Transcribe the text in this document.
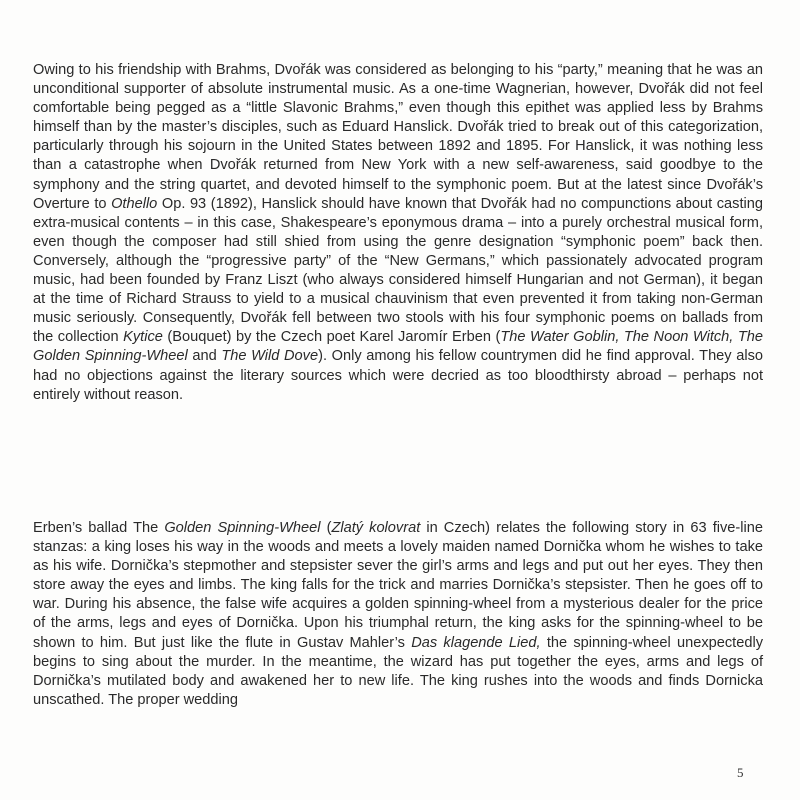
Owing to his friendship with Brahms, Dvořák was considered as belonging to his “party,” meaning that he was an unconditional supporter of absolute instrumental music. As a one-time Wagnerian, however, Dvořák did not feel comfortable being pegged as a “little Slavonic Brahms,” even though this epithet was applied less by Brahms himself than by the master’s disciples, such as Eduard Hanslick. Dvořák tried to break out of this categorization, particularly through his sojourn in the United States between 1892 and 1895. For Hanslick, it was nothing less than a catastrophe when Dvořák returned from New York with a new self-awareness, said goodbye to the symphony and the string quartet, and devoted himself to the symphonic poem. But at the latest since Dvořák’s Overture to Othello Op. 93 (1892), Hanslick should have known that Dvořák had no compunctions about casting extra-musical contents – in this case, Shakespeare’s eponymous drama – into a purely orchestral musical form, even though the composer had still shied from using the genre designation “symphonic poem” back then. Conversely, although the “progressive party” of the “New Germans,” which passionately advocated program music, had been founded by Franz Liszt (who always considered himself Hungarian and not German), it began at the time of Richard Strauss to yield to a musical chauvinism that even prevented it from taking non-German music seriously. Consequently, Dvořák fell between two stools with his four symphonic poems on ballads from the collection Kytice (Bouquet) by the Czech poet Karel Jaromír Erben (The Water Goblin, The Noon Witch, The Golden Spinning-Wheel and The Wild Dove). Only among his fellow countrymen did he find approval. They also had no objections against the literary sources which were decried as too bloodthirsty abroad – perhaps not entirely without reason.

Erben’s ballad The Golden Spinning-Wheel (Zlatý kolovrat in Czech) relates the following story in 63 five-line stanzas: a king loses his way in the woods and meets a lovely maiden named Dornička whom he wishes to take as his wife. Dornička’s stepmother and stepsister sever the girl’s arms and legs and put out her eyes. They then store away the eyes and limbs. The king falls for the trick and marries Dornička’s stepsister. Then he goes off to war. During his absence, the false wife acquires a golden spinning-wheel from a mysterious dealer for the price of the arms, legs and eyes of Dornička. Upon his triumphal return, the king asks for the spinning-wheel to be shown to him. But just like the flute in Gustav Mahler’s Das klagende Lied, the spinning-wheel unexpectedly begins to sing about the murder. In the meantime, the wizard has put together the eyes, arms and legs of Dornička’s mutilated body and awakened her to new life. The king rushes into the woods and finds Dornicka unscathed. The proper wedding

5
